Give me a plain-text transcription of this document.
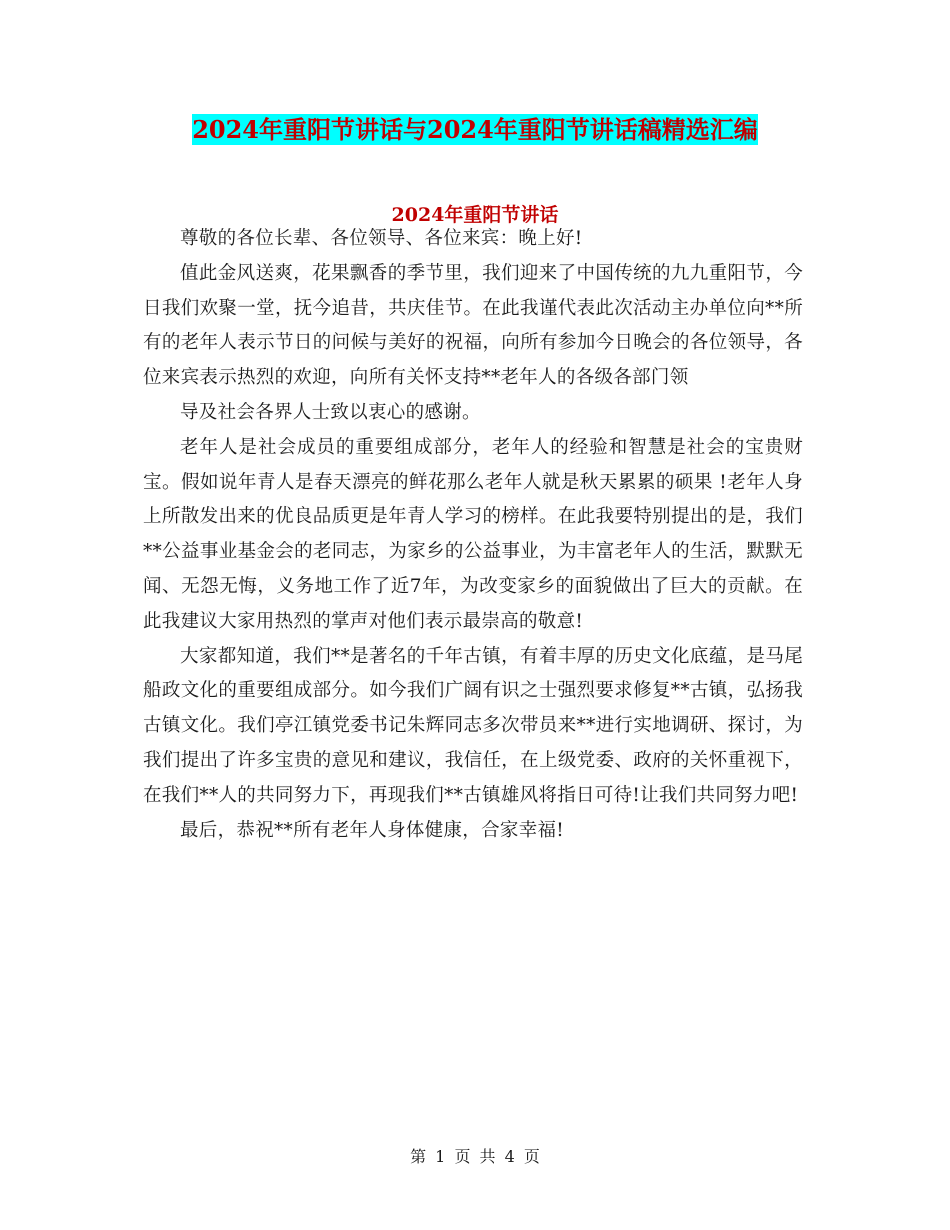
2024年重阳节讲话与2024年重阳节讲话稿精选汇编
2024年重阳节讲话

尊敬的各位长辈、各位领导、各位来宾：晚上好!

值此金风送爽，花果飘香的季节里，我们迎来了中国传统的九九重阳节，今日我们欢聚一堂，抚今追昔，共庆佳节。在此我谨代表此次活动主办单位向**所有的老年人表示节日的问候与美好的祝福，向所有参加今日晚会的各位领导，各位来宾表示热烈的欢迎，向所有关怀支持**老年人的各级各部门领

导及社会各界人士致以衷心的感谢。

老年人是社会成员的重要组成部分，老年人的经验和智慧是社会的宝贵财宝。假如说年青人是春天漂亮的鲜花那么老年人就是秋天累累的硕果 !老年人身上所散发出来的优良品质更是年青人学习的榜样。在此我要特别提出的是，我们**公益事业基金会的老同志，为家乡的公益事业，为丰富老年人的生活，默默无闻、无怨无悔，义务地工作了近7年，为改变家乡的面貌做出了巨大的贡献。在此我建议大家用热烈的掌声对他们表示最崇高的敬意!

大家都知道，我们**是著名的千年古镇，有着丰厚的历史文化底蕴，是马尾船政文化的重要组成部分。如今我们广阔有识之士强烈要求修复**古镇，弘扬我古镇文化。我们亭江镇党委书记朱辉同志多次带员来**进行实地调研、探讨，为我们提出了许多宝贵的意见和建议，我信任，在上级党委、政府的关怀重视下，在我们**人的共同努力下，再现我们**古镇雄风将指日可待!让我们共同努力吧!

最后，恭祝**所有老年人身体健康，合家幸福!

第 1 页 共 4 页
